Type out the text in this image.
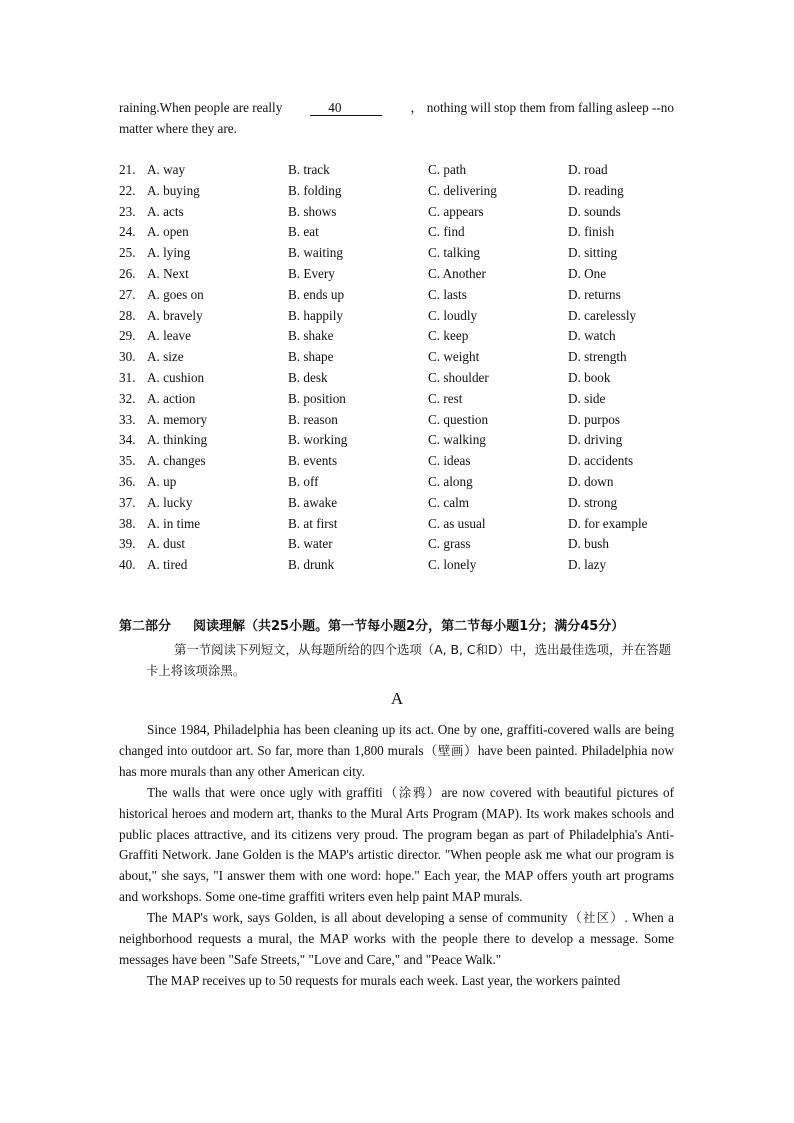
raining.When people are really	40	， nothing will stop them from falling asleep --no
matter where they are.
21. A. way	B. track	C. path	D. road
22. A. buying	B. folding	C. delivering	D. reading
23. A. acts	B. shows	C. appears	D. sounds
24. A. open	B. eat	C. find	D. finish
25. A. lying	B. waiting	C. talking	D. sitting
26. A. Next	B. Every	C. Another	D. One
27. A. goes on	B. ends up	C. lasts	D. returns
28. A. bravely	B. happily	C. loudly	D. carelessly
29. A. leave	B. shake	C. keep	D. watch
30. A. size	B. shape	C. weight	D. strength
31. A. cushion	B. desk	C. shoulder	D. book
32. A. action	B. position	C. rest	D. side
33. A. memory	B. reason	C. question	D. purpos
34. A. thinking	B. working	C. walking	D. driving
35. A. changes	B. events	C. ideas	D. accidents
36. A. up	B. off	C. along	D. down
37. A. lucky	B. awake	C. calm	D. strong
38. A. in time	B. at first	C. as usual	D. for example
39. A. dust	B. water	C. grass	D. bush
40. A. tired	B. drunk	C. lonely	D. lazy
第二部分 阅读理解（共25小题。第一节每小题2分，第二节每小题1分；满分45分）
第一节阅读下列短文，从每题所给的四个选项（A, B, C和D）中，选出最佳选项，并在答题卡上将该项涂黑。
A

Since 1984, Philadelphia has been cleaning up its act. One by one, graffiti-covered walls are being changed into outdoor art. So far, more than 1,800 murals（壁画）have been painted. Philadelphia now has more murals than any other American city.

The walls that were once ugly with graffiti（涂鸦）are now covered with beautiful pictures of historical heroes and modern art, thanks to the Mural Arts Program (MAP). Its work makes schools and public places attractive, and its citizens very proud. The program began as part of Philadelphia's Anti-Graffiti Network. Jane Golden is the MAP's artistic director. "When people ask me what our program is about," she says, "I answer them with one word: hope." Each year, the MAP offers youth art programs and workshops. Some one-time graffiti writers even help paint MAP murals.

The MAP's work, says Golden, is all about developing a sense of community（社区）. When a neighborhood requests a mural, the MAP works with the people there to develop a message. Some messages have been "Safe Streets," "Love and Care," and "Peace Walk."

The MAP receives up to 50 requests for murals each week. Last year, the workers painted
